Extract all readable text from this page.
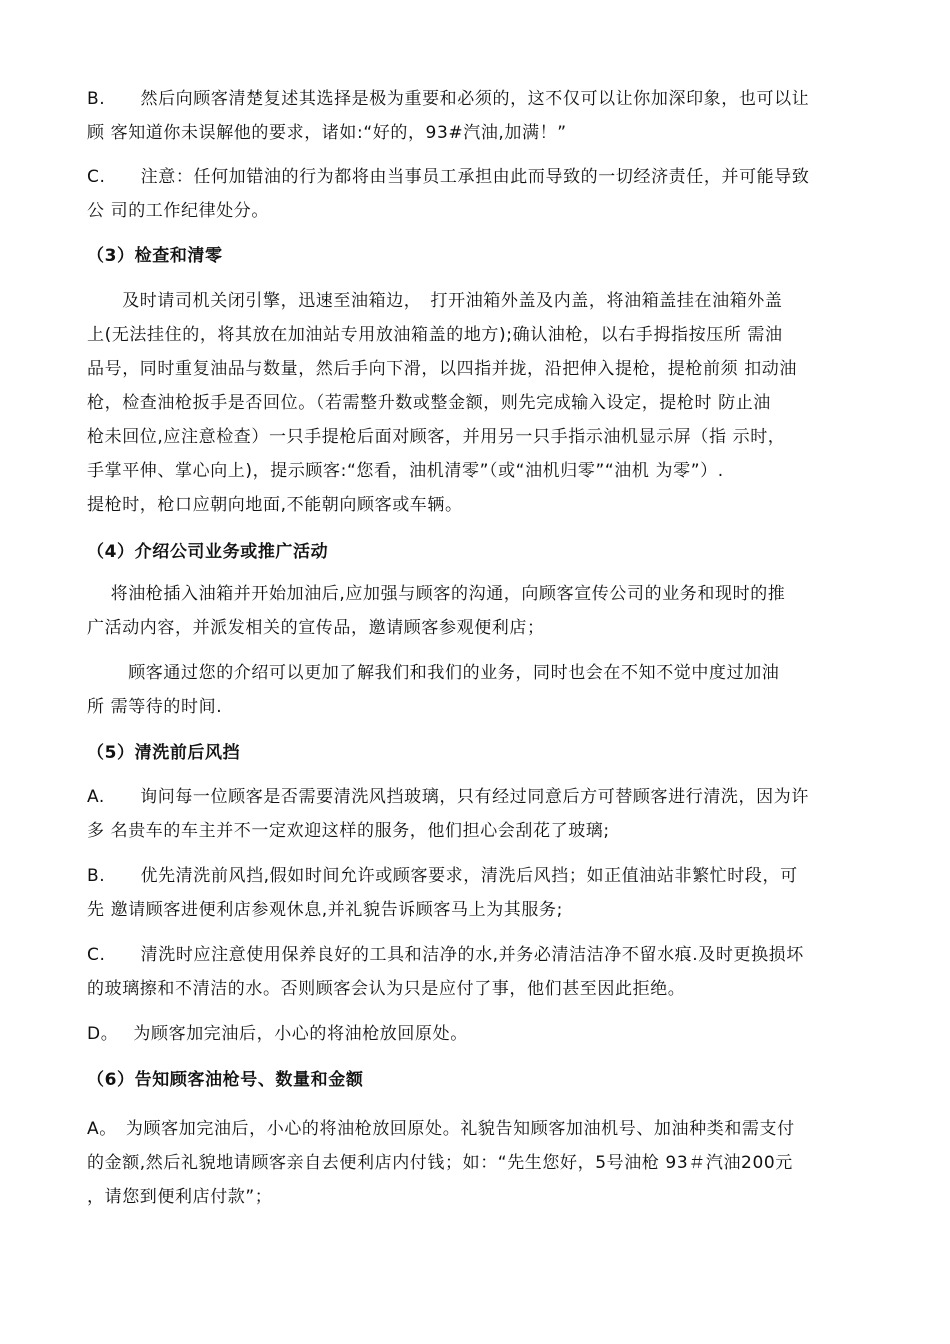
B.　　然后向顾客清楚复述其选择是极为重要和必须的，这不仅可以让你加深印象，也可以让
顾 客知道你未误解他的要求，诸如:“好的，93#汽油,加满！”
C.　　注意：任何加错油的行为都将由当事员工承担由此而导致的一切经济责任，并可能导致
公 司的工作纪律处分。
（3）检查和清零
　　及时请司机关闭引擎，迅速至油箱边，　打开油箱外盖及内盖，将油箱盖挂在油箱外盖
上(无法挂住的，将其放在加油站专用放油箱盖的地方);确认油枪，以右手拇指按压所 需油
品号，同时重复油品与数量，然后手向下滑，以四指并拢，沿把伸入提枪，提枪前须 扣动油
枪，检查油枪扳手是否回位。（若需整升数或整金额，则先完成输入设定，提枪时 防止油
枪未回位,应注意检查）一只手提枪后面对顾客，并用另一只手指示油机显示屏（指 示时，
手掌平伸、掌心向上)，提示顾客:“您看，油机清零”（或“油机归零”“油机 为零”）.
提枪时，枪口应朝向地面,不能朝向顾客或车辆。
（4）介绍公司业务或推广活动
　 将油枪插入油箱并开始加油后,应加强与顾客的沟通，向顾客宣传公司的业务和现时的推
广活动内容，并派发相关的宣传品，邀请顾客参观便利店；
　　 顾客通过您的介绍可以更加了解我们和我们的业务，同时也会在不知不觉中度过加油
所 需等待的时间.
（5）清洗前后风挡
A.　　询问每一位顾客是否需要清洗风挡玻璃，只有经过同意后方可替顾客进行清洗，因为许
多 名贵车的车主并不一定欢迎这样的服务，他们担心会刮花了玻璃;
B.　　优先清洗前风挡,假如时间允许或顾客要求，清洗后风挡；如正值油站非繁忙时段，可
先 邀请顾客进便利店参观休息,并礼貌告诉顾客马上为其服务;
C.　　清洗时应注意使用保养良好的工具和洁净的水,并务必清洁洁净不留水痕.及时更换损坏
的玻璃擦和不清洁的水。否则顾客会认为只是应付了事，他们甚至因此拒绝。
D。　 为顾客加完油后，小心的将油枪放回原处。
（6）告知顾客油枪号、数量和金额
A。　为顾客加完油后，小心的将油枪放回原处。礼貌告知顾客加油机号、加油种类和需支付
的金额,然后礼貌地请顾客亲自去便利店内付钱；如：“先生您好，5号油枪 93＃汽油200元
，请您到便利店付款”；
